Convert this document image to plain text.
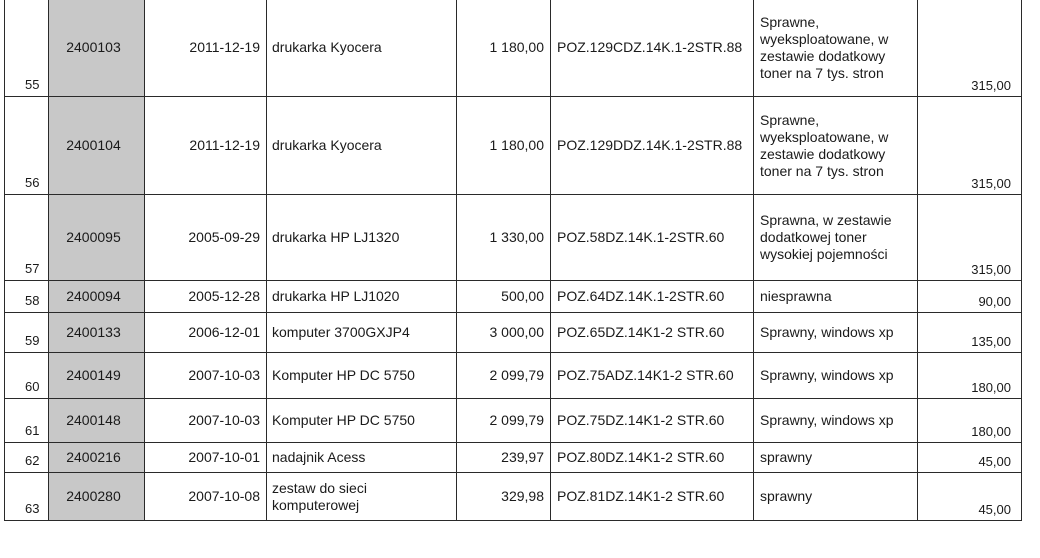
55	2400103	2011-12-19	drukarka Kyocera	1 180,00	POZ.129CDZ.14K.1-2STR.88	Sprawne, wyeksploatowane, w zestawie dodatkowy toner na 7 tys. stron	315,00

56	2400104	2011-12-19	drukarka Kyocera	1 180,00	POZ.129DDZ.14K.1-2STR.88	Sprawne, wyeksploatowane, w zestawie dodatkowy toner na 7 tys. stron	315,00

57	2400095	2005-09-29	drukarka HP LJ1320	1 330,00	POZ.58DZ.14K.1-2STR.60	Sprawna, w zestawie dodatkowej toner wysokiej pojemności	315,00

58	2400094	2005-12-28	drukarka HP LJ1020	500,00	POZ.64DZ.14K.1-2STR.60	niesprawna	90,00

59	2400133	2006-12-01	komputer 3700GXJP4	3 000,00	POZ.65DZ.14K1-2 STR.60	Sprawny, windows xp	135,00

60	2400149	2007-10-03	Komputer HP DC 5750	2 099,79	POZ.75ADZ.14K1-2 STR.60	Sprawny, windows xp	180,00

61	2400148	2007-10-03	Komputer HP DC 5750	2 099,79	POZ.75DZ.14K1-2 STR.60	Sprawny, windows xp	180,00

62	2400216	2007-10-01	nadajnik Acess	239,97	POZ.80DZ.14K1-2 STR.60	sprawny	45,00

63	2400280	2007-10-08	zestaw do sieci komputerowej	329,98	POZ.81DZ.14K1-2 STR.60	sprawny	45,00
